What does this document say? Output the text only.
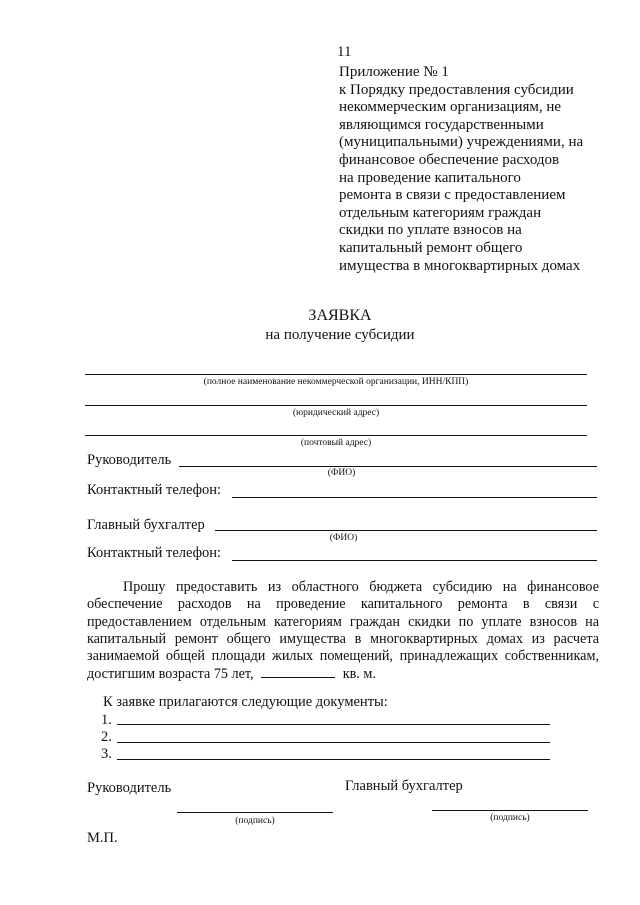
11
Приложение № 1
к Порядку предоставления субсидии
некоммерческим организациям, не
являющимся государственными
(муниципальными) учреждениями, на
финансовое обеспечение расходов
на проведение капитального
ремонта в связи с предоставлением
отдельным категориям граждан
скидки по уплате взносов на
капитальный ремонт общего
имущества в многоквартирных домах
ЗАЯВКА
на получение субсидии
(полное наименование некоммерческой организации, ИНН/КПП)
(юридический адрес)
(почтовый адрес)
Руководитель
(ФИО)
Контактный телефон:
Главный бухгалтер
(ФИО)
Контактный телефон:
Прошу предоставить из областного бюджета субсидию на финансовое
обеспечение расходов на проведение капитального ремонта в связи с
предоставлением отдельным категориям граждан скидки по уплате взносов на
капитальный ремонт общего имущества в многоквартирных домах из расчета
занимаемой общей площади жилых помещений, принадлежащих собственникам,
достигшим возраста 75 лет,	кв. м.
К заявке прилагаются следующие документы:
1.
2.
3.
Руководитель	Главный бухгалтер
(подпись)	(подпись)
М.П.
